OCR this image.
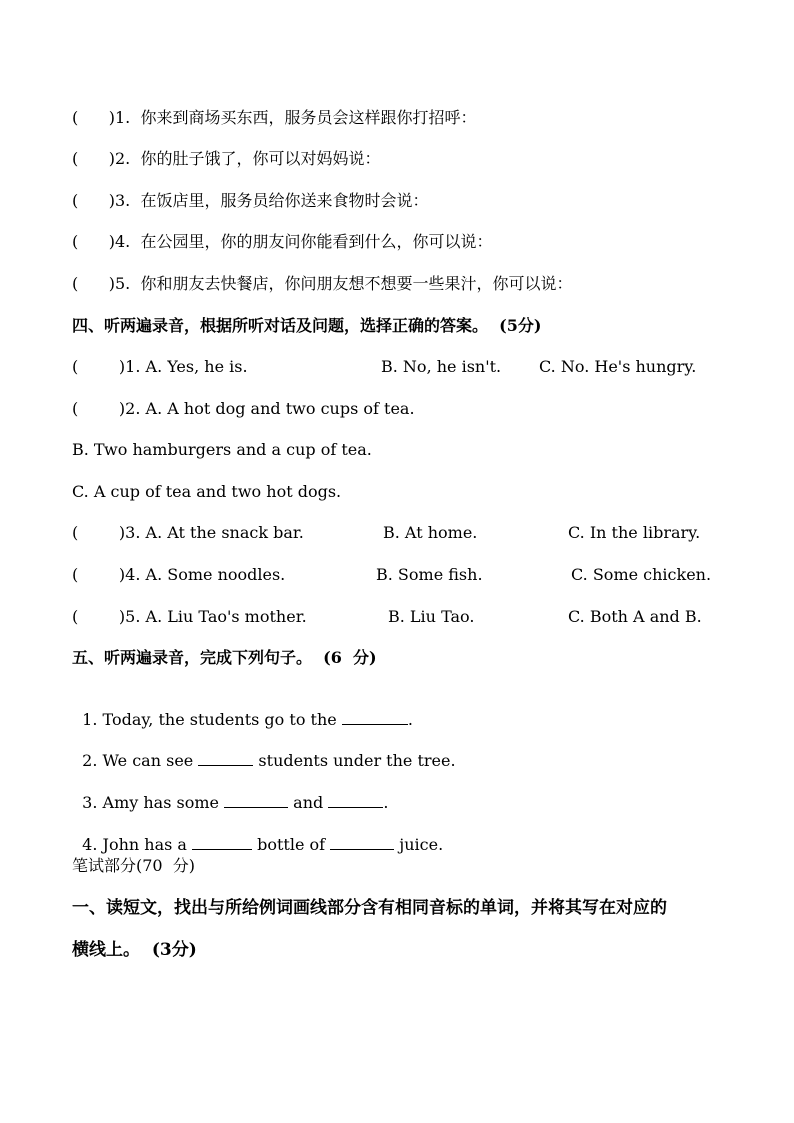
(      )1.  你来到商场买东西，服务员会这样跟你打招呼：
(      )2.  你的肚子饿了，你可以对妈妈说：
(      )3.  在饭店里，服务员给你送来食物时会说：
(      )4.  在公园里，你的朋友问你能看到什么，你可以说：
(      )5.  你和朋友去快餐店，你问朋友想不想要一些果汁，你可以说：
四、听两遍录音，根据所听对话及问题，选择正确的答案。  (5分)
(        )1. A. Yes, he is.	B. No, he isn't. C. No. He's hungry.
(        )2. A. A hot dog and two cups of tea.
B. Two hamburgers and a cup of tea.
C. A cup of tea and two hot dogs.
(        )3. A. At the snack bar.	B. At home.	C. In the library.
(        )4. A. Some noodles.	B. Some fish.	C. Some chicken.
(        )5. A. Liu Tao's mother.	B. Liu Tao.	C. Both A and B.
五、听两遍录音，完成下列句子。  (6  分)

1. Today, the students go to the	.

2. We can see	students under the tree.

3. Amy has some	and	.

4. John has a	bottle of	juice.

笔试部分(70  分)
一、读短文，找出与所给例词画线部分含有相同音标的单词，并将其写在对应的
横线上。  (3分)
